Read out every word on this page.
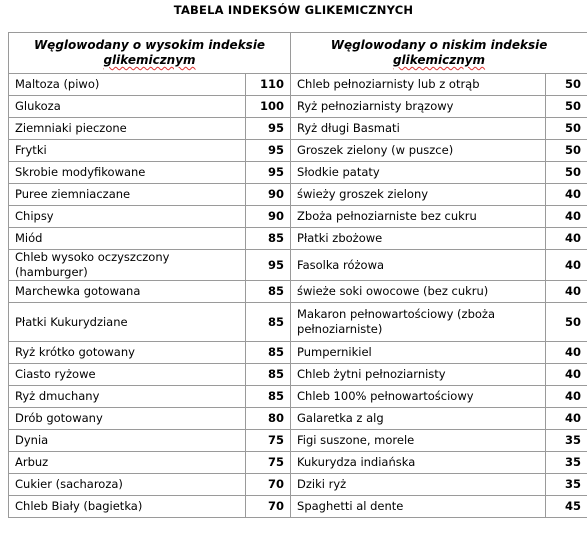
TABELA INDEKSÓW GLIKEMICZNYCH
Węglowodany o wysokim indeksie glikemicznym		Węglowodany o niskim indeksie glikemicznym	
Maltoza (piwo)	110	Chleb pełnoziarnisty lub z otrąb	50
Glukoza	100	Ryż pełnoziarnisty brązowy	50
Ziemniaki pieczone	95	Ryż długi Basmati	50
Frytki	95	Groszek zielony (w puszce)	50
Skrobie modyfikowane	95	Słodkie pataty	50
Puree ziemniaczane	90	świeży groszek zielony	40
Chipsy	90	Zboża pełnoziarniste bez cukru	40
Miód	85	Płatki zbożowe	40
Chleb wysoko oczyszczony (hamburger)	95	Fasolka różowa	40
Marchewka gotowana	85	świeże soki owocowe (bez cukru)	40
Płatki Kukurydziane	85	Makaron pełnowartościowy (zboża pełnoziarniste)	50
Ryż krótko gotowany	85	Pumpernikiel	40
Ciasto ryżowe	85	Chleb żytni pełnoziarnisty	40
Ryż dmuchany	85	Chleb 100% pełnowartościowy	40
Drób gotowany	80	Galaretka z alg	40
Dynia	75	Figi suszone, morele	35
Arbuz	75	Kukurydza indiańska	35
Cukier (sacharoza)	70	Dziki ryż	35
Chleb Biały (bagietka)	70	Spaghetti al dente	45
